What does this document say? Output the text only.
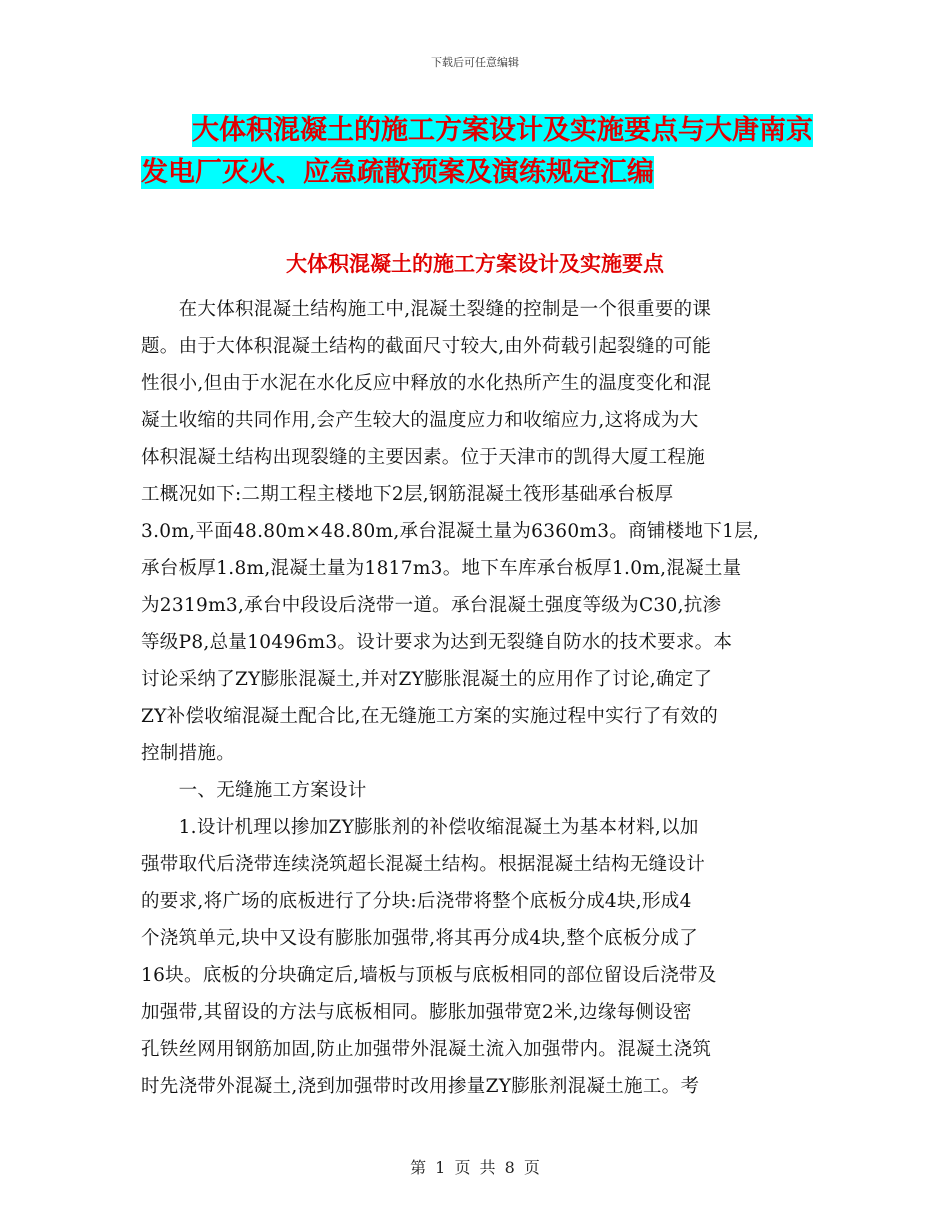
下载后可任意编辑
大体积混凝土的施工方案设计及实施要点与大唐南京
发电厂灭火、应急疏散预案及演练规定汇编
大体积混凝土的施工方案设计及实施要点
　　在大体积混凝土结构施工中,混凝土裂缝的控制是一个很重要的课
题。由于大体积混凝土结构的截面尺寸较大,由外荷载引起裂缝的可能
性很小,但由于水泥在水化反应中释放的水化热所产生的温度变化和混
凝土收缩的共同作用,会产生较大的温度应力和收缩应力,这将成为大
体积混凝土结构出现裂缝的主要因素。位于天津市的凯得大厦工程施
工概况如下:二期工程主楼地下2层,钢筋混凝土筏形基础承台板厚
3.0m,平面48.80m×48.80m,承台混凝土量为6360m3。商铺楼地下1层,
承台板厚1.8m,混凝土量为1817m3。地下车库承台板厚1.0m,混凝土量
为2319m3,承台中段设后浇带一道。承台混凝土强度等级为C30,抗渗
等级P8,总量10496m3。设计要求为达到无裂缝自防水的技术要求。本
讨论采纳了ZY膨胀混凝土,并对ZY膨胀混凝土的应用作了讨论,确定了
ZY补偿收缩混凝土配合比,在无缝施工方案的实施过程中实行了有效的
控制措施。
　　一、无缝施工方案设计
　　1.设计机理以掺加ZY膨胀剂的补偿收缩混凝土为基本材料,以加
强带取代后浇带连续浇筑超长混凝土结构。根据混凝土结构无缝设计
的要求,将广场的底板进行了分块:后浇带将整个底板分成4块,形成4
个浇筑单元,块中又设有膨胀加强带,将其再分成4块,整个底板分成了
16块。底板的分块确定后,墙板与顶板与底板相同的部位留设后浇带及
加强带,其留设的方法与底板相同。膨胀加强带宽2米,边缘每侧设密
孔铁丝网用钢筋加固,防止加强带外混凝土流入加强带内。混凝土浇筑
时先浇带外混凝土,浇到加强带时改用掺量ZY膨胀剂混凝土施工。考
第 1 页 共 8 页
